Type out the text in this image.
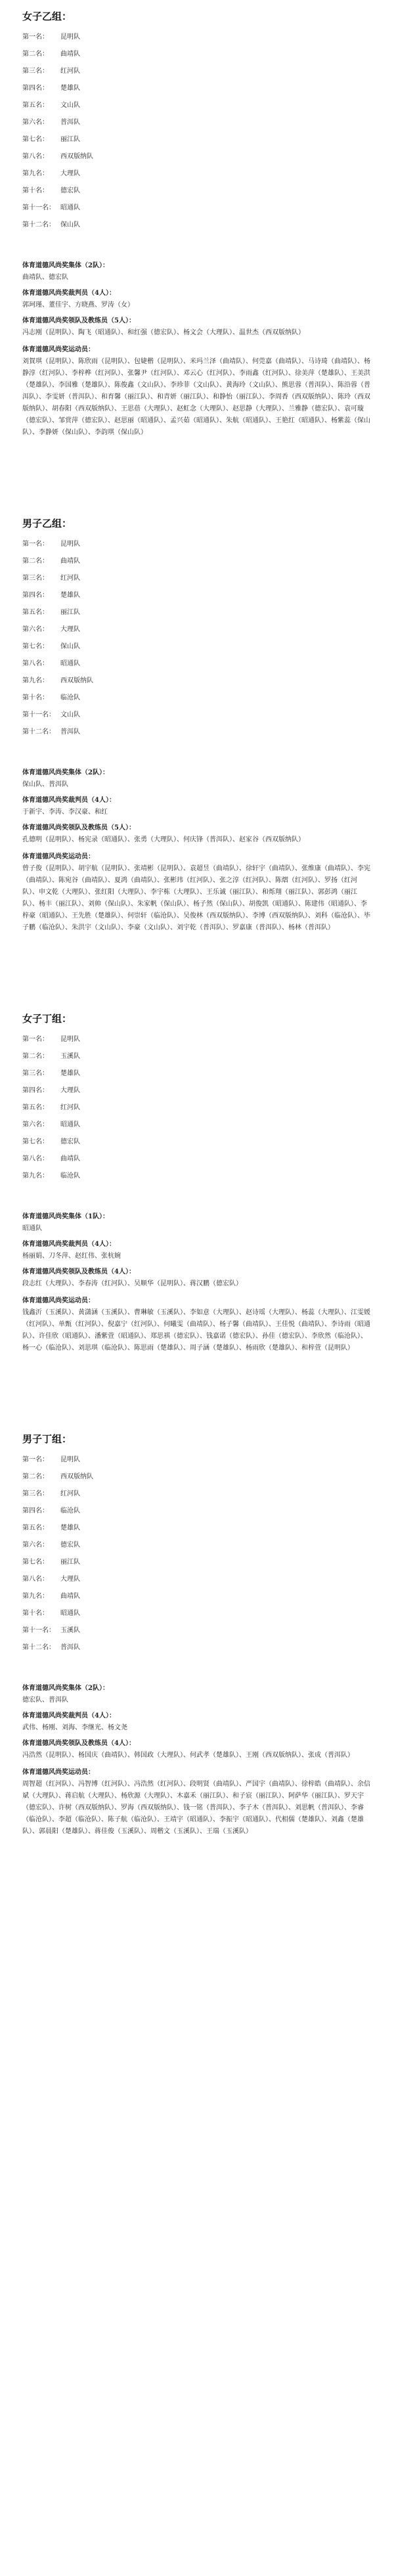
女子乙组：
第一名：	昆明队
第二名：	曲靖队
第三名：	红河队
第四名：	楚雄队
第五名：	文山队
第六名：	普洱队
第七名：	丽江队
第八名：	西双版纳队
第九名：	大理队
第十名：	德宏队
第十一名： 昭通队
第十二名： 保山队

体育道德风尚奖集体（2队）：

曲靖队、德宏队

体育道德风尚奖裁判员（4人）：

郭珂瑾、董佳宇、方晓燕、罗涛（女）

体育道德风尚奖领队及教练员（5人）：

冯志刚（昆明队）、陶飞（昭通队）、和红强（德宏队）、杨文会（大理队）、温世杰（西双版纳队）

体育道德风尚奖运动员：

刘賀琪（昆明队）、陈欣雨（昆明队）、包婕楷（昆明队）、米玛兰泽（曲靖队）、何莞嘉（曲靖队）、马诗琦（曲靖队）、杨静淳（红河队）、李梓桦（红河队）、张馨尹（红河队）、邓云心（红河队）、李雨鑫（红河队）、徐美萍（楚雄队）、王美洪（楚雄队）、李国雅（楚雄队）、陈俊鑫（文山队）、李珍菲（文山队）、黄海玲（文山队）、熊思蓉（普洱队）、陈沿蓉（普洱队）、李雯妍（普洱队）、和育馨（丽江队）、和青妍（丽江队）、和静怡（丽江队）、李周香（西双版纳队）、陈玲（西双版纳队）、胡春阳（西双版纳队）、王思蓓（大理队）、赵虹念（大理队）、赵思静（大理队）、兰雅静（德宏队）、袁可璇（德宏队）、邹赏萍（德宏队）、赵思丽（昭通队）、孟兴茹（昭通队）、朱航（昭通队）、王艳红（昭通队）、杨紫蕊（保山队）、李静妍（保山队）、李韵琪（保山队）

男子乙组：
第一名：	昆明队
第二名：	曲靖队
第三名：	红河队
第四名：	楚雄队
第五名：	丽江队
第六名：	大理队
第七名：	保山队
第八名：	昭通队
第九名：	西双版纳队
第十名：	临沧队
第十一名： 文山队
第十二名： 普洱队

体育道德风尚奖集体（2队）：

保山队、普洱队

体育道德风尚奖裁判员（4人）：

于新宇、李涛、李汉豪、和红

体育道德风尚奖领队及教练员（5人）：

孔德明（昆明队）、杨宪录（昭通队）、张勇（大理队）、何庆锋（普洱队）、赵家谷（西双版纳队）

体育道德风尚奖运动员：

曾子俊（昆明队）、胡宇航（昆明队）、张靖彬（昆明队）、袁超昱（曲靖队）、徐轩宇（曲靖队）、张维康（曲靖队）、李宪（曲靖队）、陈宛谷（曲靖队）、夏鸿（曲靖队）、张彬玮（红河队）、张之淳（红河队）、陈熠（红河队）、罗扬（红河队）、申文乾（大理队）、张红阳（大理队）、李宇栋（大理队）、王乐诚（丽江队）、和烁翔（丽江队）、郭彭鸿（丽江队）、杨丰（丽江队）、刘帅（保山队）、朱家帆（保山队）、杨子然（保山队）、胡俊凯（昭通队）、陈建伟（昭通队）、李梓豪（昭通队）、王先胜（楚雄队）、何崇轩（临沧队）、吴俊林（西双版纳队）、李博（西双版纳队）、刘科（临沧队）、毕子鹏（临沧队）、朱洪宇（文山队）、李豪（文山队）、刘宇乾（普洱队）、罗嘉康（普洱队）、杨林（普洱队）

女子丁组：
第一名：	昆明队
第二名：	玉溪队
第三名：	楚雄队
第四名：	大理队
第五名：	红河队
第六名：	昭通队
第七名：	德宏队
第八名：	曲靖队
第九名：	临沧队

体育道德风尚奖集体（1队）：

昭通队

体育道德风尚奖裁判员（4人）：

杨丽娟、刀冬萍、赵红伟、张杭婉

体育道德风尚奖领队及教练员（4人）：

段志红（大理队）、李春涛（红河队）、吴顺华（昆明队）、蒋汉鹏（德宏队）

体育道德风尚奖运动员：

钱鑫沂（玉溪队）、黄潇涵（玉溪队）、曹琳敏（玉溪队）、李如意（大理队）、赵诗瑶（大理队）、杨蕊（大理队）、江雯媛（红河队）、单甄（红河队）、倪嘉宁（红河队）、何曦雯（曲靖队）、杨子馨（曲靖队）、王佳悦（曲靖队）、李诗雨（昭通队）、许佳欣（昭通队）、潘紫萱（昭通队）、郑思祺（德宏队）、钱嘉诺（德宏队）、孙佳（德宏队）、李欣然（临沧队）、杨一心（临沧队）、刘思琪（临沧队）、陈思雨（楚雄队）、周子涵（楚雄队）、杨雨欣（楚雄队）、和梓萱（昆明队）

男子丁组：
第一名：	昆明队
第二名：	西双版纳队
第三名：	红河队
第四名：	临沧队
第五名：	楚雄队
第六名：	德宏队
第七名：	丽江队
第八名：	大理队
第九名：	曲靖队
第十名：	昭通队
第十一名： 玉溪队
第十二名： 普洱队

体育道德风尚奖集体（2队）：

德宏队、普洱队

体育道德风尚奖裁判员（4人）：

武伟、杨刚、刘海、李继光、杨文尧

体育道德风尚奖领队及教练员（4人）：

冯浩然（昆明队）、杨国庆（曲靖队）、韩国政（大理队）、何武孝（楚雄队）、王刚（西双版纳队）、张成（普洱队）

体育道德风尚奖运动员：

周智超（红河队）、冯智博（红河队）、冯浩然（红河队）、段明贤（曲靖队）、严国宇（曲靖队）、徐梓皓（曲靖队）、余信斌（大理队）、蒋启航（大理队）、杨欣源（大理队）、木嘉禾（丽江队）、和子宸（丽江队）、阿萨华（丽江队）、罗天宇（德宏队）、许树（西双版纳队）、罗海（西双版纳队）、钱一铭（普洱队）、李子木（普洱队）、刘思帆（普洱队）、李睿（临沧队）、李超（临沧队）、陈子航（临沧队）、王靖宇（昭通队）、李振宇（昭通队）、代相儒（楚雄队）、刘鑫（楚雄队）、郭晨阳（楚雄队）、蒋佳俊（玉溪队）、周楷文（玉溪队）、王瑞（玉溪队）
